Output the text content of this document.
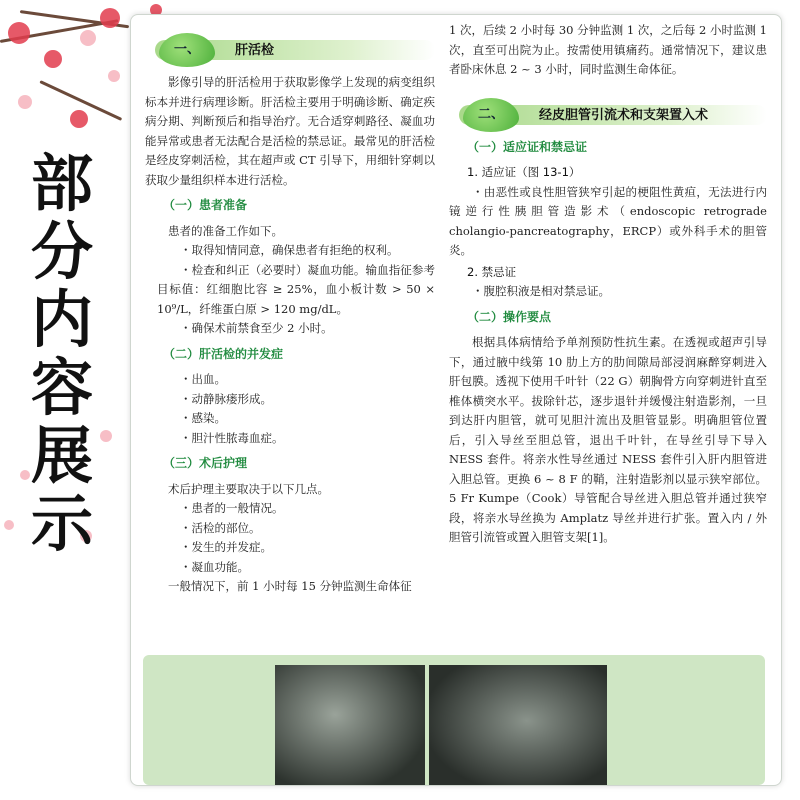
部
分
内
容
展
示
一、	肝活检

影像引导的肝活检用于获取影像学上发现的病变组织标本并进行病理诊断。肝活检主要用于明确诊断、确定疾病分期、判断预后和指导治疗。无合适穿刺路径、凝血功能异常或患者无法配合是活检的禁忌证。最常见的肝活检是经皮穿刺活检，其在超声或 CT 引导下，用细针穿刺以获取少量组织样本进行活检。

（一）患者准备

患者的准备工作如下。

・取得知情同意，确保患者有拒绝的权利。

・检查和纠正（必要时）凝血功能。输血指征参考目标值：红细胞比容 ≥ 25%，血小板计数 > 50 × 10⁹/L，纤维蛋白原 > 120 mg/dL。

・确保术前禁食至少 2 小时。

（二）肝活检的并发症

・出血。

・动静脉瘘形成。

・感染。

・胆汁性脓毒血症。

（三）术后护理

术后护理主要取决于以下几点。

・患者的一般情况。

・活检的部位。

・发生的并发症。

・凝血功能。

一般情况下，前 1 小时每 15 分钟监测生命体征

1 次，后续 2 小时每 30 分钟监测 1 次，之后每 2 小时监测 1 次，直至可出院为止。按需使用镇痛药。通常情况下，建议患者卧床休息 2 ~ 3 小时，同时监测生命体征。

二、	经皮胆管引流术和支架置入术
（一）适应证和禁忌证
1. 适应证（图 13-1）

・由恶性或良性胆管狭窄引起的梗阻性黄疸，无法进行内镜逆行性胰胆管造影术（endoscopic retrograde cholangio-pancreatography，ERCP）或外科手术的胆管炎。

2. 禁忌证

・腹腔积液是相对禁忌证。

（二）操作要点

根据具体病情给予单剂预防性抗生素。在透视或超声引导下，通过腋中线第 10 肋上方的肋间隙局部浸润麻醉穿刺进入肝包膜。透视下使用千叶针（22 G）朝胸骨方向穿刺进针直至椎体横突水平。拔除针芯，逐步退针并缓慢注射造影剂，一旦到达肝内胆管，就可见胆汁流出及胆管显影。明确胆管位置后，引入导丝至胆总管，退出千叶针，在导丝引导下导入 NESS 套件。将亲水性导丝通过 NESS 套件引入肝内胆管进入胆总管。更换 6 ~ 8 F 的鞘，注射造影剂以显示狭窄部位。5 Fr Kumpe（Cook）导管配合导丝进入胆总管并通过狭窄段，将亲水导丝换为 Amplatz 导丝并进行扩张。置入内 / 外胆管引流管或置入胆管支架[1]。
